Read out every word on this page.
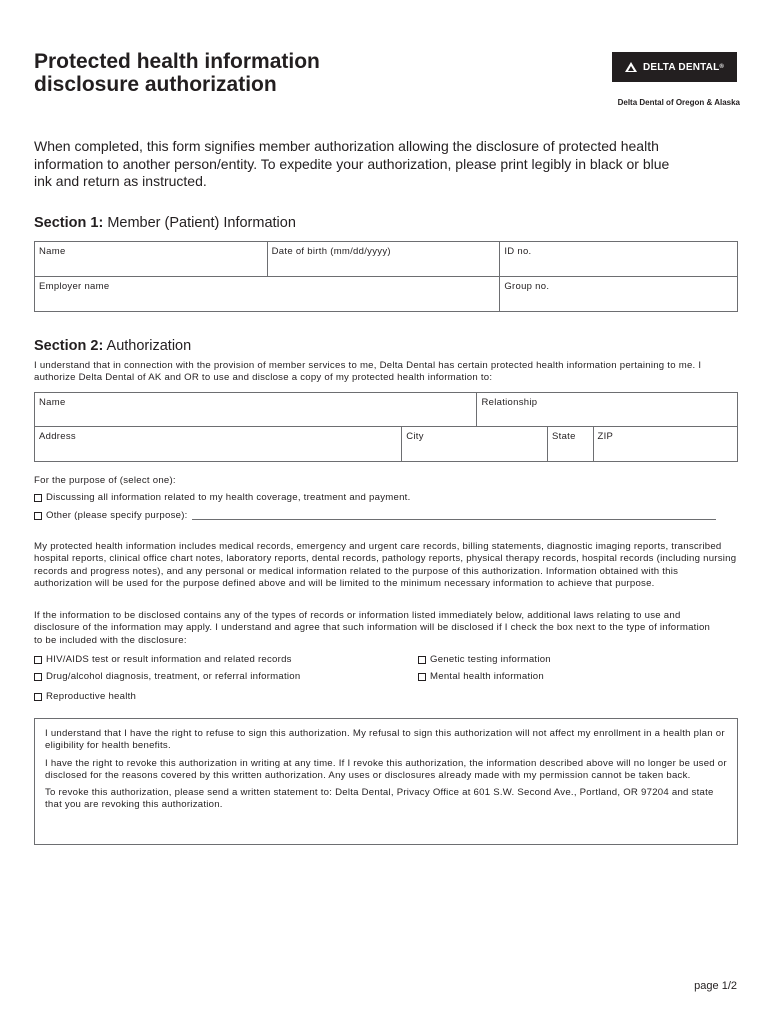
Protected health information
disclosure authorization
DELTA DENTAL ®
Delta Dental of Oregon & Alaska
When completed, this form signifies member authorization allowing the disclosure of protected health information to another person/entity. To expedite your authorization, please print legibly in black or blue ink and return as instructed.
Section 1: Member (Patient) Information
Name	Date of birth (mm/dd/yyyy)	ID no.
Employer name		Group no.
Section 2: Authorization
I understand that in connection with the provision of member services to me, Delta Dental has certain protected health information pertaining to me. I authorize Delta Dental of AK and OR to use and disclose a copy of my protected health information to:
Name	Relationship
Address	City		State	ZIP
For the purpose of (select one):
Discussing all information related to my health coverage, treatment and payment.
Other (please specify purpose):
My protected health information includes medical records, emergency and urgent care records, billing statements, diagnostic imaging reports, transcribed hospital reports, clinical office chart notes, laboratory reports, dental records, pathology reports, physical therapy records, hospital records (including nursing records and progress notes), and any personal or medical information related to the purpose of this authorization. Information obtained with this authorization will be used for the purpose defined above and will be limited to the minimum necessary information to achieve that purpose.
If the information to be disclosed contains any of the types of records or information listed immediately below, additional laws relating to use and disclosure of the information may apply. I understand and agree that such information will be disclosed if I check the box next to the type of information to be included with the disclosure:
HIV/AIDS test or result information and related records	Genetic testing information
Drug/alcohol diagnosis, treatment, or referral information	Mental health information
Reproductive health

I understand that I have the right to refuse to sign this authorization. My refusal to sign this authorization will not affect my enrollment in a health plan or eligibility for health benefits.

I have the right to revoke this authorization in writing at any time. If I revoke this authorization, the information described above will no longer be used or disclosed for the reasons covered by this written authorization. Any uses or disclosures already made with my permission cannot be taken back.

To revoke this authorization, please send a written statement to: Delta Dental, Privacy Office at 601 S.W. Second Ave., Portland, OR 97204 and state that you are revoking this authorization.

page 1/2
